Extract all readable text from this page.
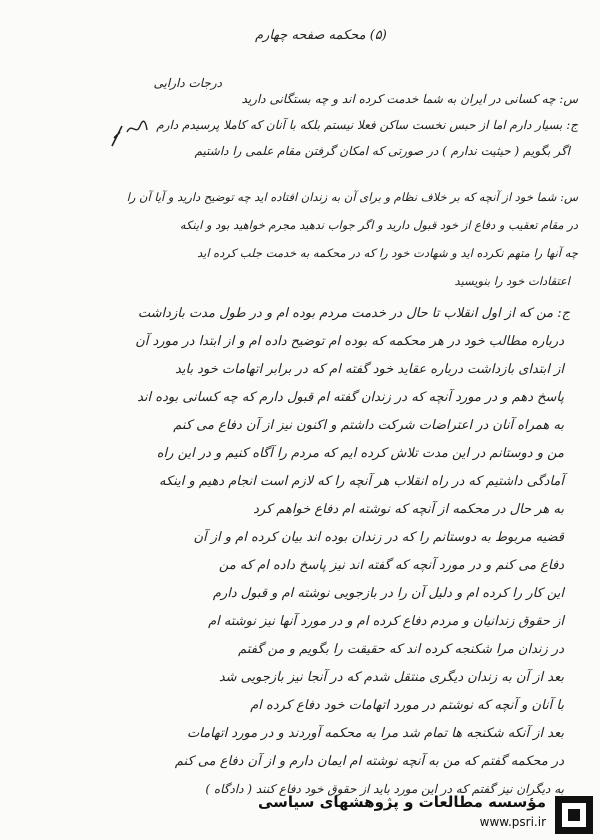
(۵) محکمه صفحه چهارم
س: چه کسانی در ایران به شما خدمت کرده اند و چه بستگانی دارید
درجات دارایی
ج: بسیار دارم اما از حبس نخست ساکن فعلا نیستم بلکه با آنان که کاملا پرسیدم دارم
اگر بگویم ( حیثیت ندارم ) در صورتی که امکان گرفتن مقام علمی را داشتیم
س: شما خود از آنچه که بر خلاف نظام و برای آن به زندان افتاده اید چه توضیح دارید و آیا آن را
در مقام تعقیب و دفاع از خود قبول دارید و اگر جواب ندهید مجرم خواهید بود و اینکه
چه آنها را متهم نکرده اید و شهادت خود را که در محکمه به خدمت جلب کرده اید
اعتقادات خود را بنویسید
ج: من که از اول انقلاب تا حال در خدمت مردم بوده ام و در طول مدت بازداشت
درباره مطالب خود در هر محکمه که بوده ام توضیح داده ام و از ابتدا در مورد آن
از ابتدای بازداشت درباره عقاید خود گفته ام که در برابر اتهامات خود باید
پاسخ دهم و در مورد آنچه که در زندان گفته ام قبول دارم که چه کسانی بوده اند
به همراه آنان در اعتراضات شرکت داشتم و اکنون نیز از آن دفاع می کنم
من و دوستانم در این مدت تلاش کرده ایم که مردم را آگاه کنیم و در این راه
آمادگی داشتیم که در راه انقلاب هر آنچه را که لازم است انجام دهیم و اینکه
به هر حال در محکمه از آنچه که نوشته ام دفاع خواهم کرد
قضیه مربوط به دوستانم را که در زندان بوده اند بیان کرده ام و از آن
دفاع می کنم و در مورد آنچه که گفته اند نیز پاسخ داده ام که من
این کار را کرده ام و دلیل آن را در بازجویی نوشته ام و قبول دارم
از حقوق زندانیان و مردم دفاع کرده ام و در مورد آنها نیز نوشته ام
در زندان مرا شکنجه کرده اند که حقیقت را بگویم و من گفتم
بعد از آن به زندان دیگری منتقل شدم که در آنجا نیز بازجویی شد
با آنان و آنچه که نوشتم در مورد اتهامات خود دفاع کرده ام
بعد از آنکه شکنجه ها تمام شد مرا به محکمه آوردند و در مورد اتهامات
در محکمه گفتم که من به آنچه نوشته ام ایمان دارم و از آن دفاع می کنم
به دیگران نیز گفتم که در این مورد باید از حقوق خود دفاع کنند ( دادگاه )
مؤسسه مطالعات و پژوهشهای سیاسی
www.psri.ir
